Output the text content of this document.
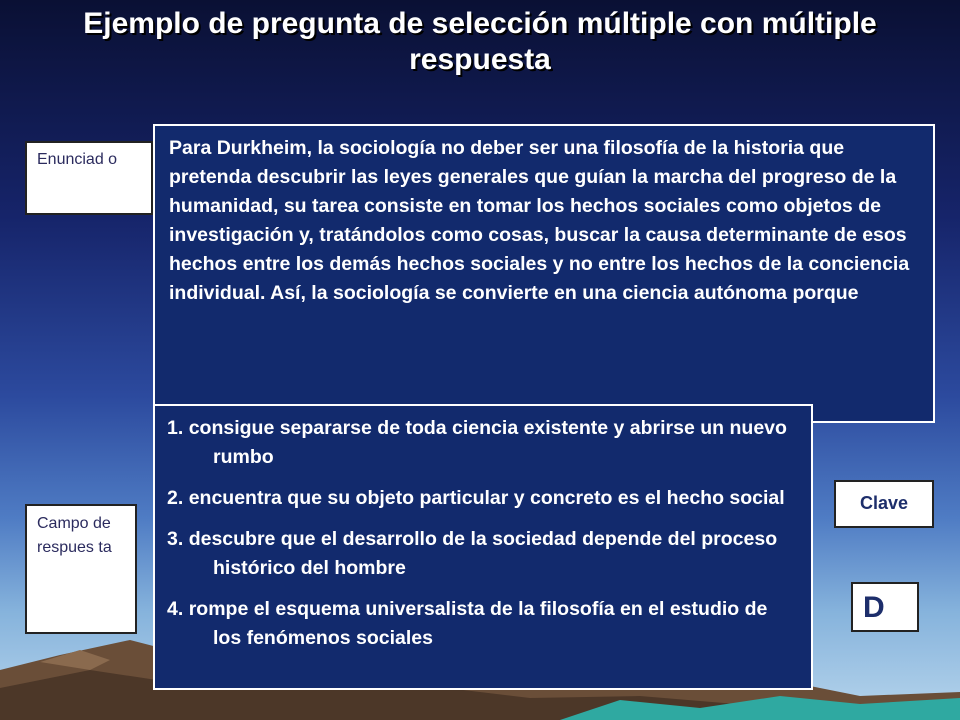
Ejemplo de pregunta de selección múltiple con múltiple respuesta
Enunciad o
Para Durkheim, la sociología no deber ser una filosofía de la historia que pretenda descubrir las leyes generales que guían la marcha del progreso de la humanidad, su tarea consiste en tomar los hechos sociales como objetos de investigación y, tratándolos como cosas, buscar la causa determinante de esos hechos entre los demás hechos sociales y no entre los hechos de la conciencia individual. Así, la sociología se convierte en una ciencia autónoma porque
1. consigue separarse de toda ciencia existente y abrirse un nuevo rumbo
2. encuentra que su objeto particular y concreto es el hecho social
3. descubre que el desarrollo de la sociedad depende del proceso histórico del hombre
4. rompe el esquema universalista de la filosofía en el estudio de los fenómenos sociales
Campo de respues ta
Clave
D
